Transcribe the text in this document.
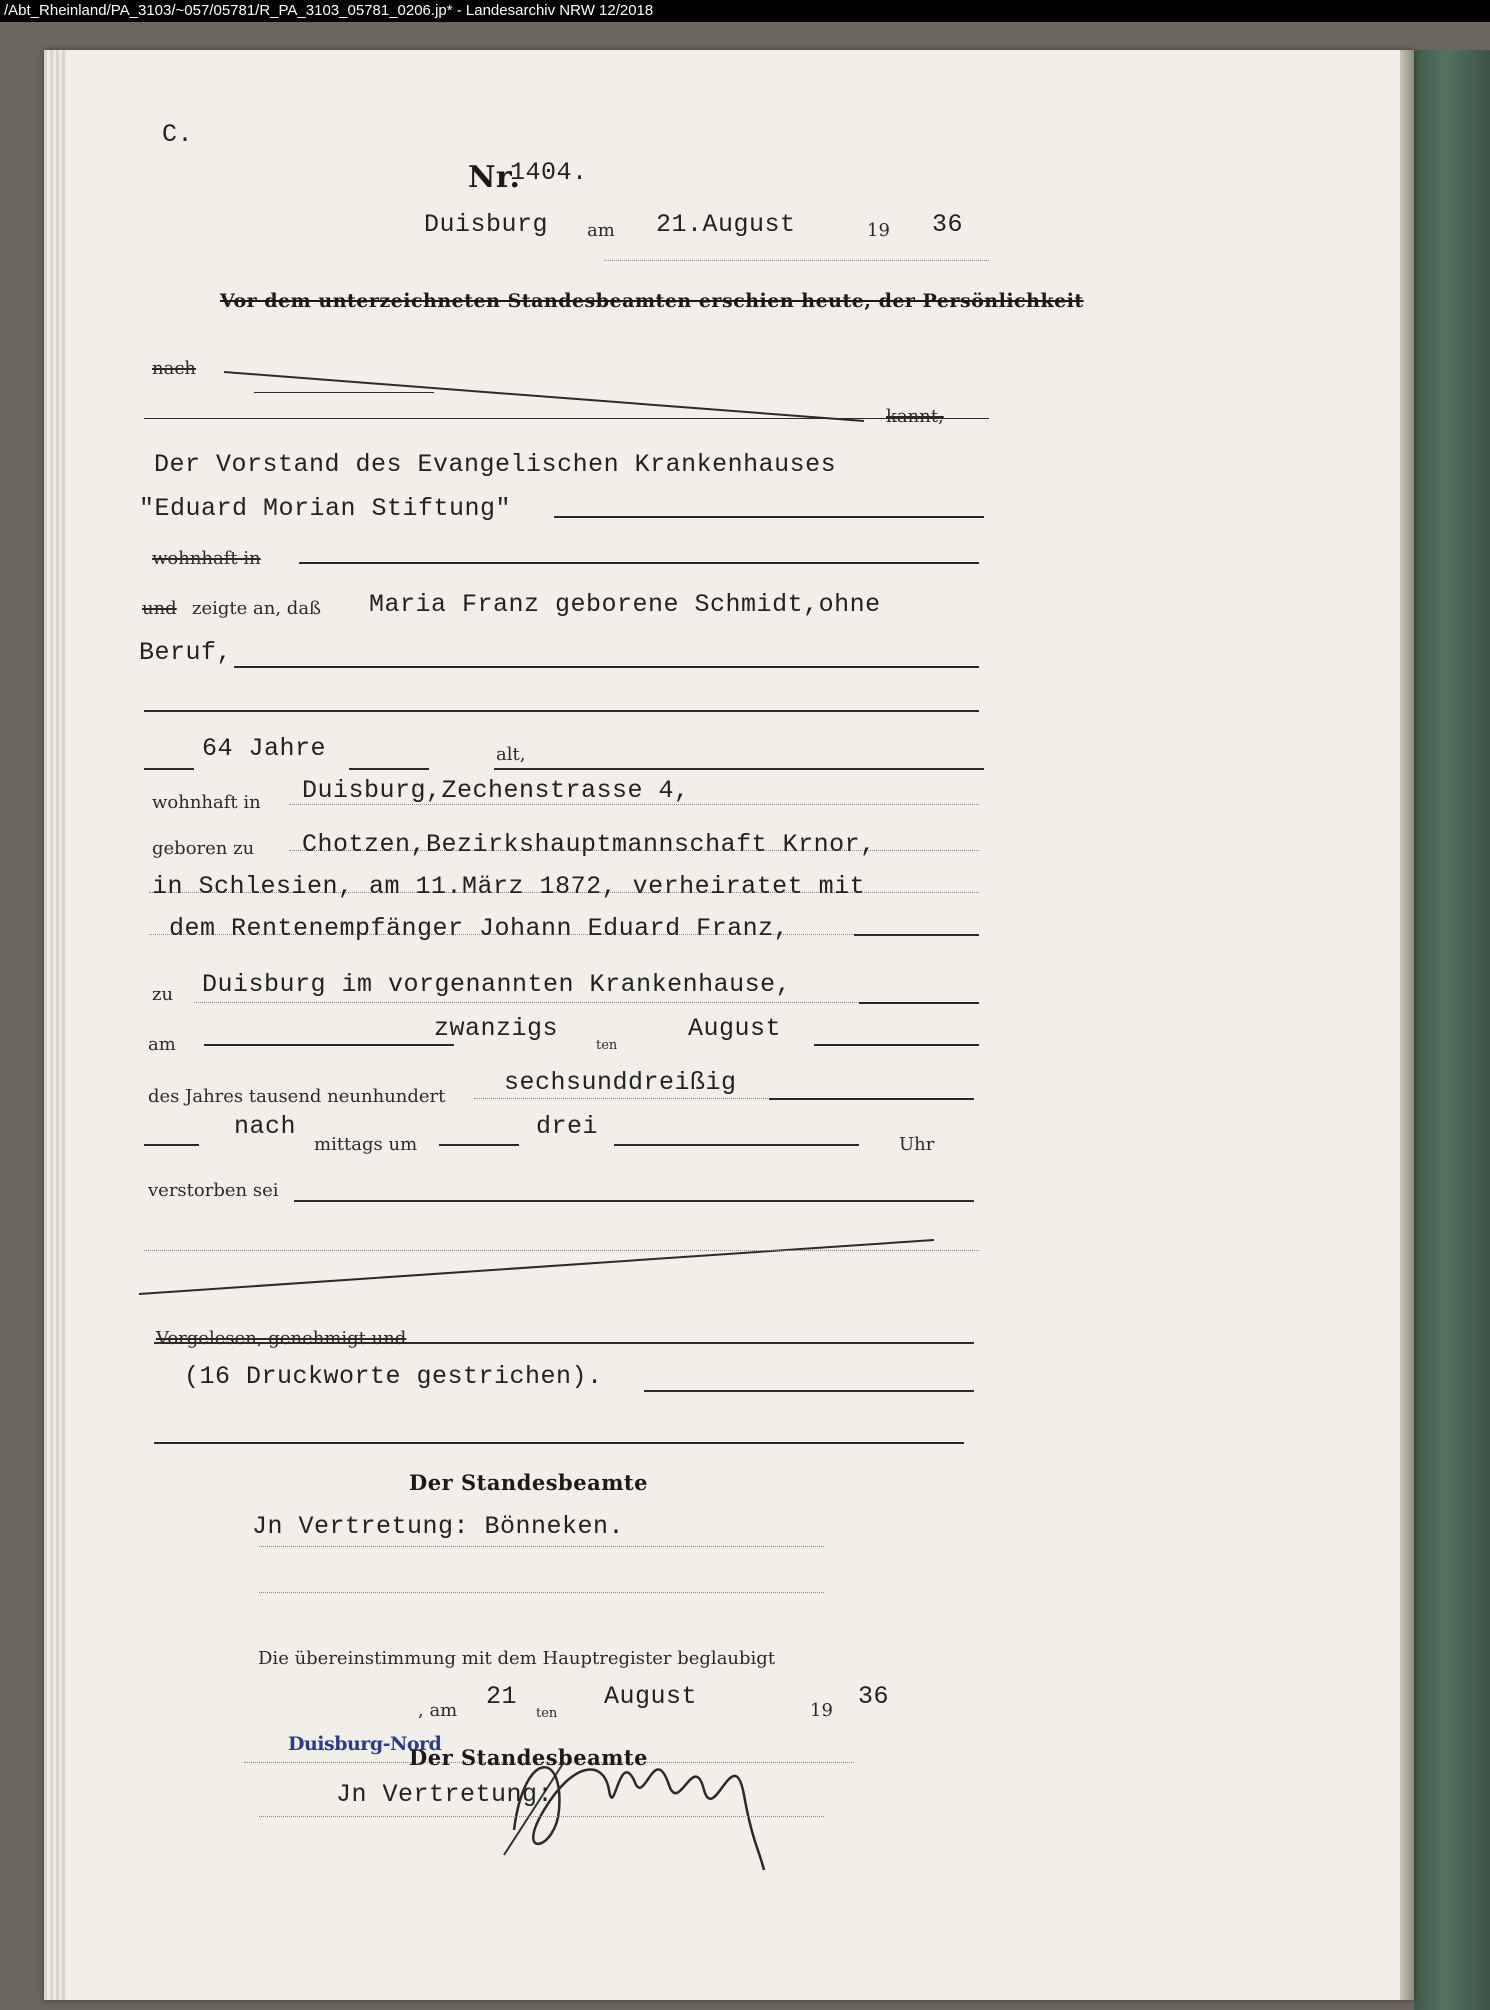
/Abt_Rheinland/PA_3103/~057/05781/R_PA_3103_05781_0206.jp* - Landesarchiv NRW 12/2018
C.
Nr.
1404.
Duisburg am 21.August	19 36
Vor dem unterzeichneten Standesbeamten erschien heute, der Persönlichkeit
nach
kannt,
Der Vorstand des Evangelischen Krankenhauses
"Eduard Morian Stiftung"
wohnhaft in
und zeigte an, daß Maria Franz geborene Schmidt,ohne
Beruf,
64 Jahre	alt,
wohnhaft in Duisburg,Zechenstrasse 4,
geboren zu Chotzen,Bezirkshauptmannschaft Krnor,
in Schlesien, am 11.März 1872, verheiratet mit
dem Rentenempfänger Johann Eduard Franz,
zu Duisburg im vorgenannten Krankenhause,
am
zwanzigs
ten
August
des Jahres tausend neunhundert sechsunddreißig
nach
mittags um
drei
Uhr
verstorben sei
Vorgelesen, genehmigt und
(16 Druckworte gestrichen).
Der Standesbeamte
Jn Vertretung: Bönneken.
Die übereinstimmung mit dem Hauptregister beglaubigt
Duisburg-Nord
, am 21
ten
August	19 36
Der Standesbeamte
Jn Vertretung:
